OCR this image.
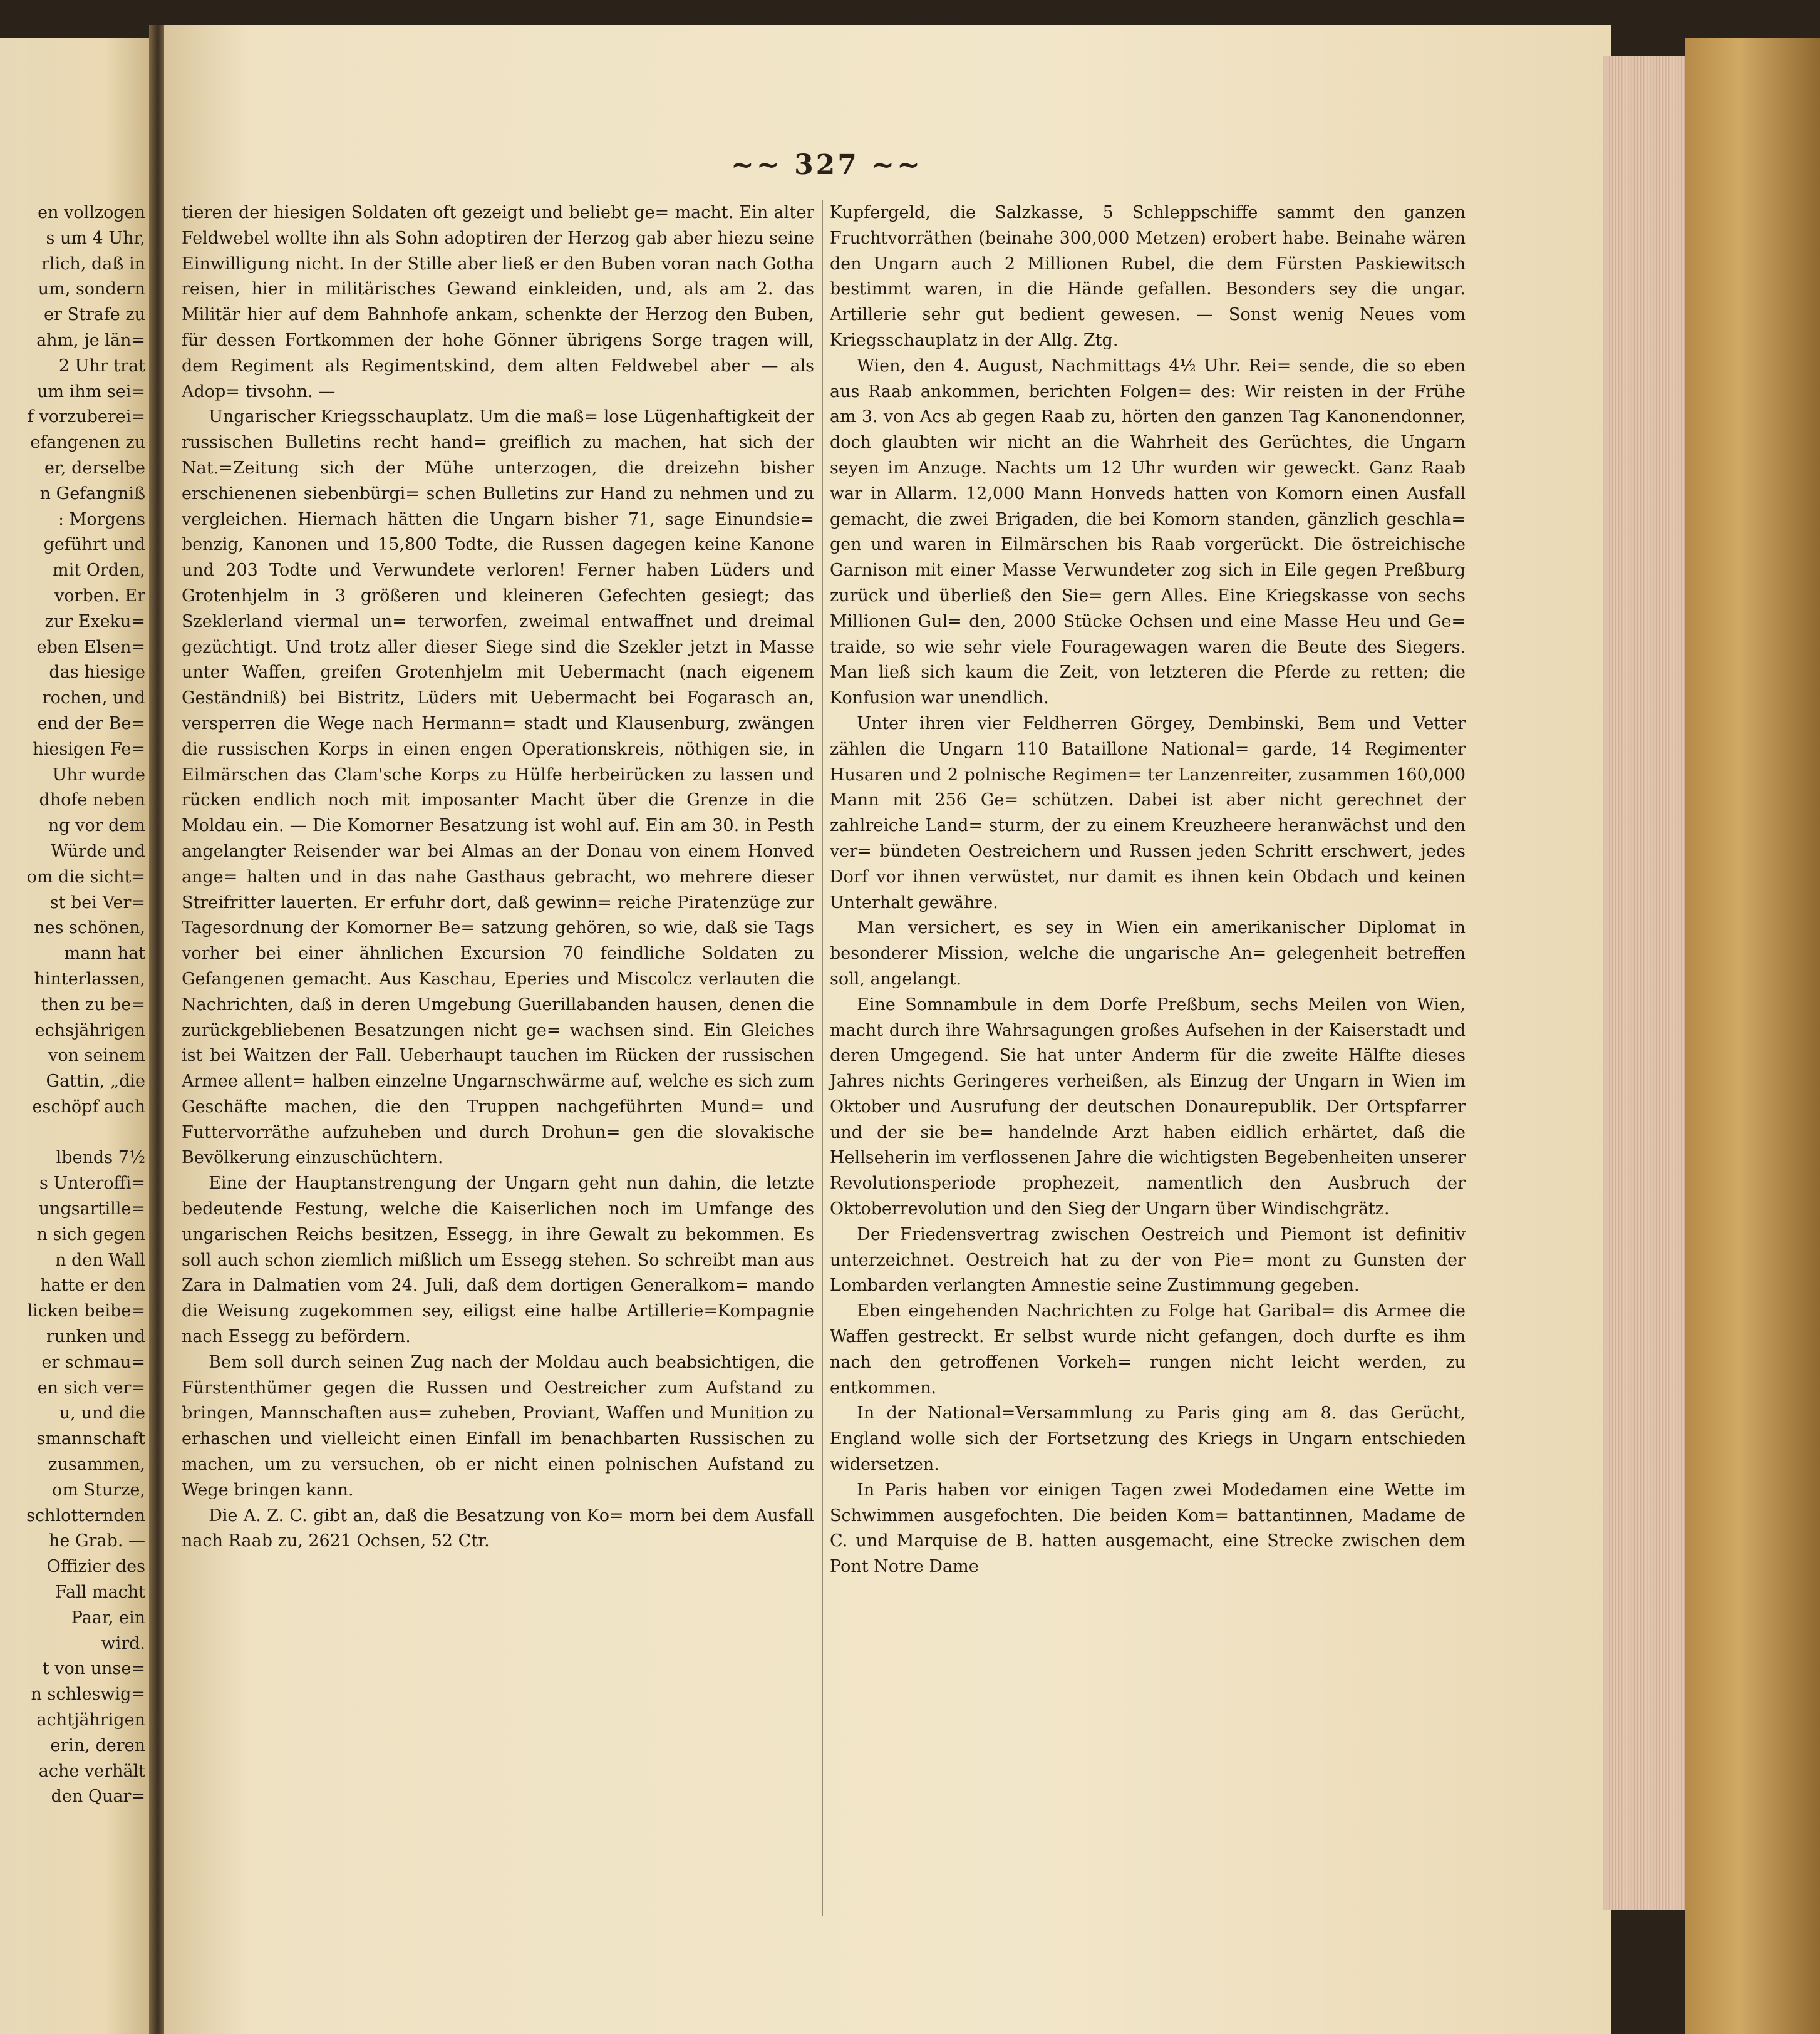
~~ 327 ~~

en vollzogen

s um 4 Uhr,

rlich, daß in

um, sondern

er Strafe zu

ahm, je län=

2 Uhr trat

um ihm sei=

f vorzuberei=

efangenen zu

er, derselbe

n Gefangniß

: Morgens

geführt und

mit Orden,

vorben. Er

zur Exeku=

eben Elsen=

das hiesige

rochen, und

end der Be=

hiesigen Fe=

Uhr wurde

dhofe neben

ng vor dem

Würde und

om die sicht=

st bei Ver=

nes schönen,

mann hat

hinterlassen,

then zu be=

echsjährigen

von seinem

Gattin, „die

eschöpf auch

lbends 7½

s Unteroffi=

ungsartille=

n sich gegen

n den Wall

hatte er den

licken beibe=

runken und

er schmau=

en sich ver=

u, und die

smannschaft

zusammen,

om Sturze,

schlotternden

he Grab. —

Offizier des

Fall macht

Paar, ein

wird.

t von unse=

n schleswig=

achtjährigen

erin, deren

ache verhält

den Quar=

tieren der hiesigen Soldaten oft gezeigt und beliebt ge= macht. Ein alter Feldwebel wollte ihn als Sohn adoptiren der Herzog gab aber hiezu seine Einwilligung nicht. In der Stille aber ließ er den Buben voran nach Gotha reisen, hier in militärisches Gewand einkleiden, und, als am 2. das Militär hier auf dem Bahnhofe ankam, schenkte der Herzog den Buben, für dessen Fortkommen der hohe Gönner übrigens Sorge tragen will, dem Regiment als Regimentskind, dem alten Feldwebel aber — als Adop= tivsohn. —

Ungarischer Kriegsschauplatz. Um die maß= lose Lügenhaftigkeit der russischen Bulletins recht hand= greiflich zu machen, hat sich der Nat.=Zeitung sich der Mühe unterzogen, die dreizehn bisher erschienenen siebenbürgi= schen Bulletins zur Hand zu nehmen und zu vergleichen. Hiernach hätten die Ungarn bisher 71, sage Einundsie= benzig, Kanonen und 15,800 Todte, die Russen dagegen keine Kanone und 203 Todte und Verwundete verloren! Ferner haben Lüders und Grotenhjelm in 3 größeren und kleineren Gefechten gesiegt; das Szeklerland viermal un= terworfen, zweimal entwaffnet und dreimal gezüchtigt. Und trotz aller dieser Siege sind die Szekler jetzt in Masse unter Waffen, greifen Grotenhjelm mit Uebermacht (nach eigenem Geständniß) bei Bistritz, Lüders mit Uebermacht bei Fogarasch an, versperren die Wege nach Hermann= stadt und Klausenburg, zwängen die russischen Korps in einen engen Operationskreis, nöthigen sie, in Eilmärschen das Clam'sche Korps zu Hülfe herbeirücken zu lassen und rücken endlich noch mit imposanter Macht über die Grenze in die Moldau ein. — Die Komorner Besatzung ist wohl auf. Ein am 30. in Pesth angelangter Reisender war bei Almas an der Donau von einem Honved ange= halten und in das nahe Gasthaus gebracht, wo mehrere dieser Streifritter lauerten. Er erfuhr dort, daß gewinn= reiche Piratenzüge zur Tagesordnung der Komorner Be= satzung gehören, so wie, daß sie Tags vorher bei einer ähnlichen Excursion 70 feindliche Soldaten zu Gefangenen gemacht. Aus Kaschau, Eperies und Miscolcz verlauten die Nachrichten, daß in deren Umgebung Guerillabanden hausen, denen die zurückgebliebenen Besatzungen nicht ge= wachsen sind. Ein Gleiches ist bei Waitzen der Fall. Ueberhaupt tauchen im Rücken der russischen Armee allent= halben einzelne Ungarnschwärme auf, welche es sich zum Geschäfte machen, die den Truppen nachgeführten Mund= und Futtervorräthe aufzuheben und durch Drohun= gen die slovakische Bevölkerung einzuschüchtern.

Eine der Hauptanstrengung der Ungarn geht nun dahin, die letzte bedeutende Festung, welche die Kaiserlichen noch im Umfange des ungarischen Reichs besitzen, Essegg, in ihre Gewalt zu bekommen. Es soll auch schon ziemlich mißlich um Essegg stehen. So schreibt man aus Zara in Dalmatien vom 24. Juli, daß dem dortigen Generalkom= mando die Weisung zugekommen sey, eiligst eine halbe Artillerie=Kompagnie nach Essegg zu befördern.

Bem soll durch seinen Zug nach der Moldau auch beabsichtigen, die Fürstenthümer gegen die Russen und Oestreicher zum Aufstand zu bringen, Mannschaften aus= zuheben, Proviant, Waffen und Munition zu erhaschen und vielleicht einen Einfall im benachbarten Russischen zu machen, um zu versuchen, ob er nicht einen polnischen Aufstand zu Wege bringen kann.

Die A. Z. C. gibt an, daß die Besatzung von Ko= morn bei dem Ausfall nach Raab zu, 2621 Ochsen, 52 Ctr.

Kupfergeld, die Salzkasse, 5 Schleppschiffe sammt den ganzen Fruchtvorräthen (beinahe 300,000 Metzen) erobert habe. Beinahe wären den Ungarn auch 2 Millionen Rubel, die dem Fürsten Paskiewitsch bestimmt waren, in die Hände gefallen. Besonders sey die ungar. Artillerie sehr gut bedient gewesen. — Sonst wenig Neues vom Kriegsschauplatz in der Allg. Ztg.

Wien, den 4. August, Nachmittags 4½ Uhr. Rei= sende, die so eben aus Raab ankommen, berichten Folgen= des: Wir reisten in der Frühe am 3. von Acs ab gegen Raab zu, hörten den ganzen Tag Kanonendonner, doch glaubten wir nicht an die Wahrheit des Gerüchtes, die Ungarn seyen im Anzuge. Nachts um 12 Uhr wurden wir geweckt. Ganz Raab war in Allarm. 12,000 Mann Honveds hatten von Komorn einen Ausfall gemacht, die zwei Brigaden, die bei Komorn standen, gänzlich geschla= gen und waren in Eilmärschen bis Raab vorgerückt. Die östreichische Garnison mit einer Masse Verwundeter zog sich in Eile gegen Preßburg zurück und überließ den Sie= gern Alles. Eine Kriegskasse von sechs Millionen Gul= den, 2000 Stücke Ochsen und eine Masse Heu und Ge= traide, so wie sehr viele Fouragewagen waren die Beute des Siegers. Man ließ sich kaum die Zeit, von letzteren die Pferde zu retten; die Konfusion war unendlich.

Unter ihren vier Feldherren Görgey, Dembinski, Bem und Vetter zählen die Ungarn 110 Bataillone National= garde, 14 Regimenter Husaren und 2 polnische Regimen= ter Lanzenreiter, zusammen 160,000 Mann mit 256 Ge= schützen. Dabei ist aber nicht gerechnet der zahlreiche Land= sturm, der zu einem Kreuzheere heranwächst und den ver= bündeten Oestreichern und Russen jeden Schritt erschwert, jedes Dorf vor ihnen verwüstet, nur damit es ihnen kein Obdach und keinen Unterhalt gewähre.

Man versichert, es sey in Wien ein amerikanischer Diplomat in besonderer Mission, welche die ungarische An= gelegenheit betreffen soll, angelangt.

Eine Somnambule in dem Dorfe Preßbum, sechs Meilen von Wien, macht durch ihre Wahrsagungen großes Aufsehen in der Kaiserstadt und deren Umgegend. Sie hat unter Anderm für die zweite Hälfte dieses Jahres nichts Geringeres verheißen, als Einzug der Ungarn in Wien im Oktober und Ausrufung der deutschen Donaurepublik. Der Ortspfarrer und der sie be= handelnde Arzt haben eidlich erhärtet, daß die Hellseherin im verflossenen Jahre die wichtigsten Begebenheiten unserer Revolutionsperiode prophezeit, namentlich den Ausbruch der Oktoberrevolution und den Sieg der Ungarn über Windischgrätz.

Der Friedensvertrag zwischen Oestreich und Piemont ist definitiv unterzeichnet. Oestreich hat zu der von Pie= mont zu Gunsten der Lombarden verlangten Amnestie seine Zustimmung gegeben.

Eben eingehenden Nachrichten zu Folge hat Garibal= dis Armee die Waffen gestreckt. Er selbst wurde nicht gefangen, doch durfte es ihm nach den getroffenen Vorkeh= rungen nicht leicht werden, zu entkommen.

In der National=Versammlung zu Paris ging am 8. das Gerücht, England wolle sich der Fortsetzung des Kriegs in Ungarn entschieden widersetzen.

In Paris haben vor einigen Tagen zwei Modedamen eine Wette im Schwimmen ausgefochten. Die beiden Kom= battantinnen, Madame de C. und Marquise de B. hatten ausgemacht, eine Strecke zwischen dem Pont Notre Dame
